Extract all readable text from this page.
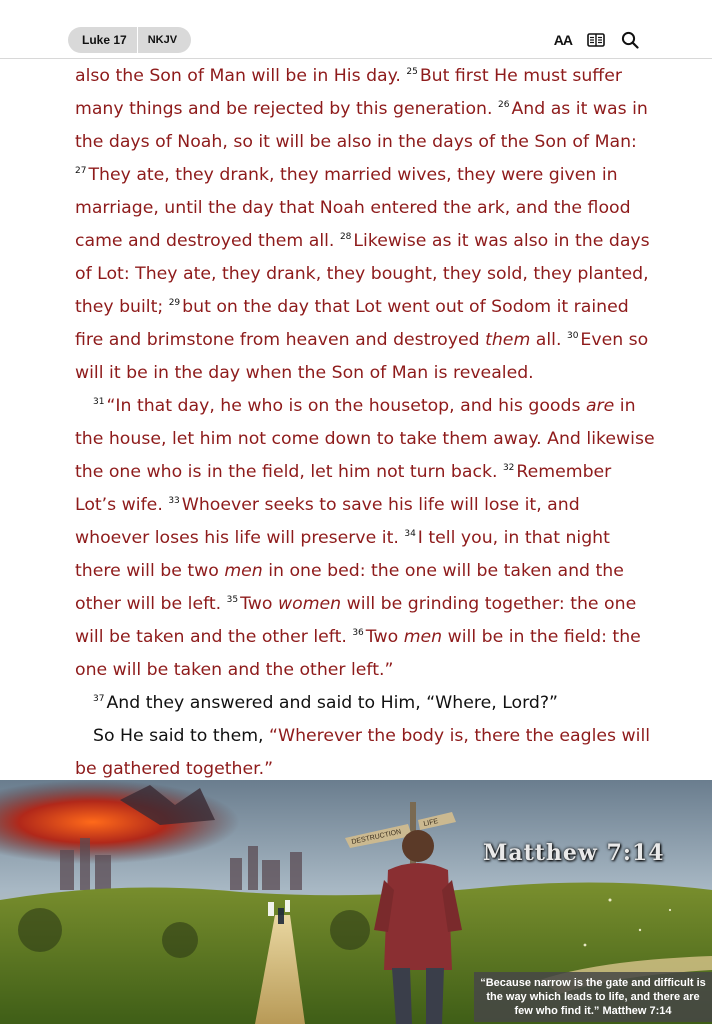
Luke 17	NKJV	AA

also the Son of Man will be in His day. $^{25}$ But first He must suffer many things and be rejected by this generation. $^{26}$ And as it was in the days of Noah, so it will be also in the days of the Son of Man: $^{27}$ They ate, they drank, they married wives, they were given in marriage, until the day that Noah entered the ark, and the flood came and destroyed them all. $^{28}$ Likewise as it was also in the days of Lot: They ate, they drank, they bought, they sold, they planted, they built; $^{29}$ but on the day that Lot went out of Sodom it rained fire and brimstone from heaven and destroyed them all. $^{30}$ Even so will it be in the day when the Son of Man is revealed.

$^{31}$ “In that day, he who is on the housetop, and his goods are in the house, let him not come down to take them away. And likewise the one who is in the field, let him not turn back. $^{32}$ Remember Lot’s wife. $^{33}$ Whoever seeks to save his life will lose it, and whoever loses his life will preserve it. $^{34}$ I tell you, in that night there will be two men in one bed: the one will be taken and the other will be left. $^{35}$ Two women will be grinding together: the one will be taken and the other left. $^{36}$ Two men will be in the field: the one will be taken and the other left.”

$^{37}$ And they answered and said to Him, “Where, Lord?”

So He said to them, “Wherever the body is, there the eagles will be gathered together.”

DESTRUCTION
LIFE
Matthew 7:14
“Because narrow is the gate and difficult is the way which leads to life, and there are few who find it.” Matthew 7:14
